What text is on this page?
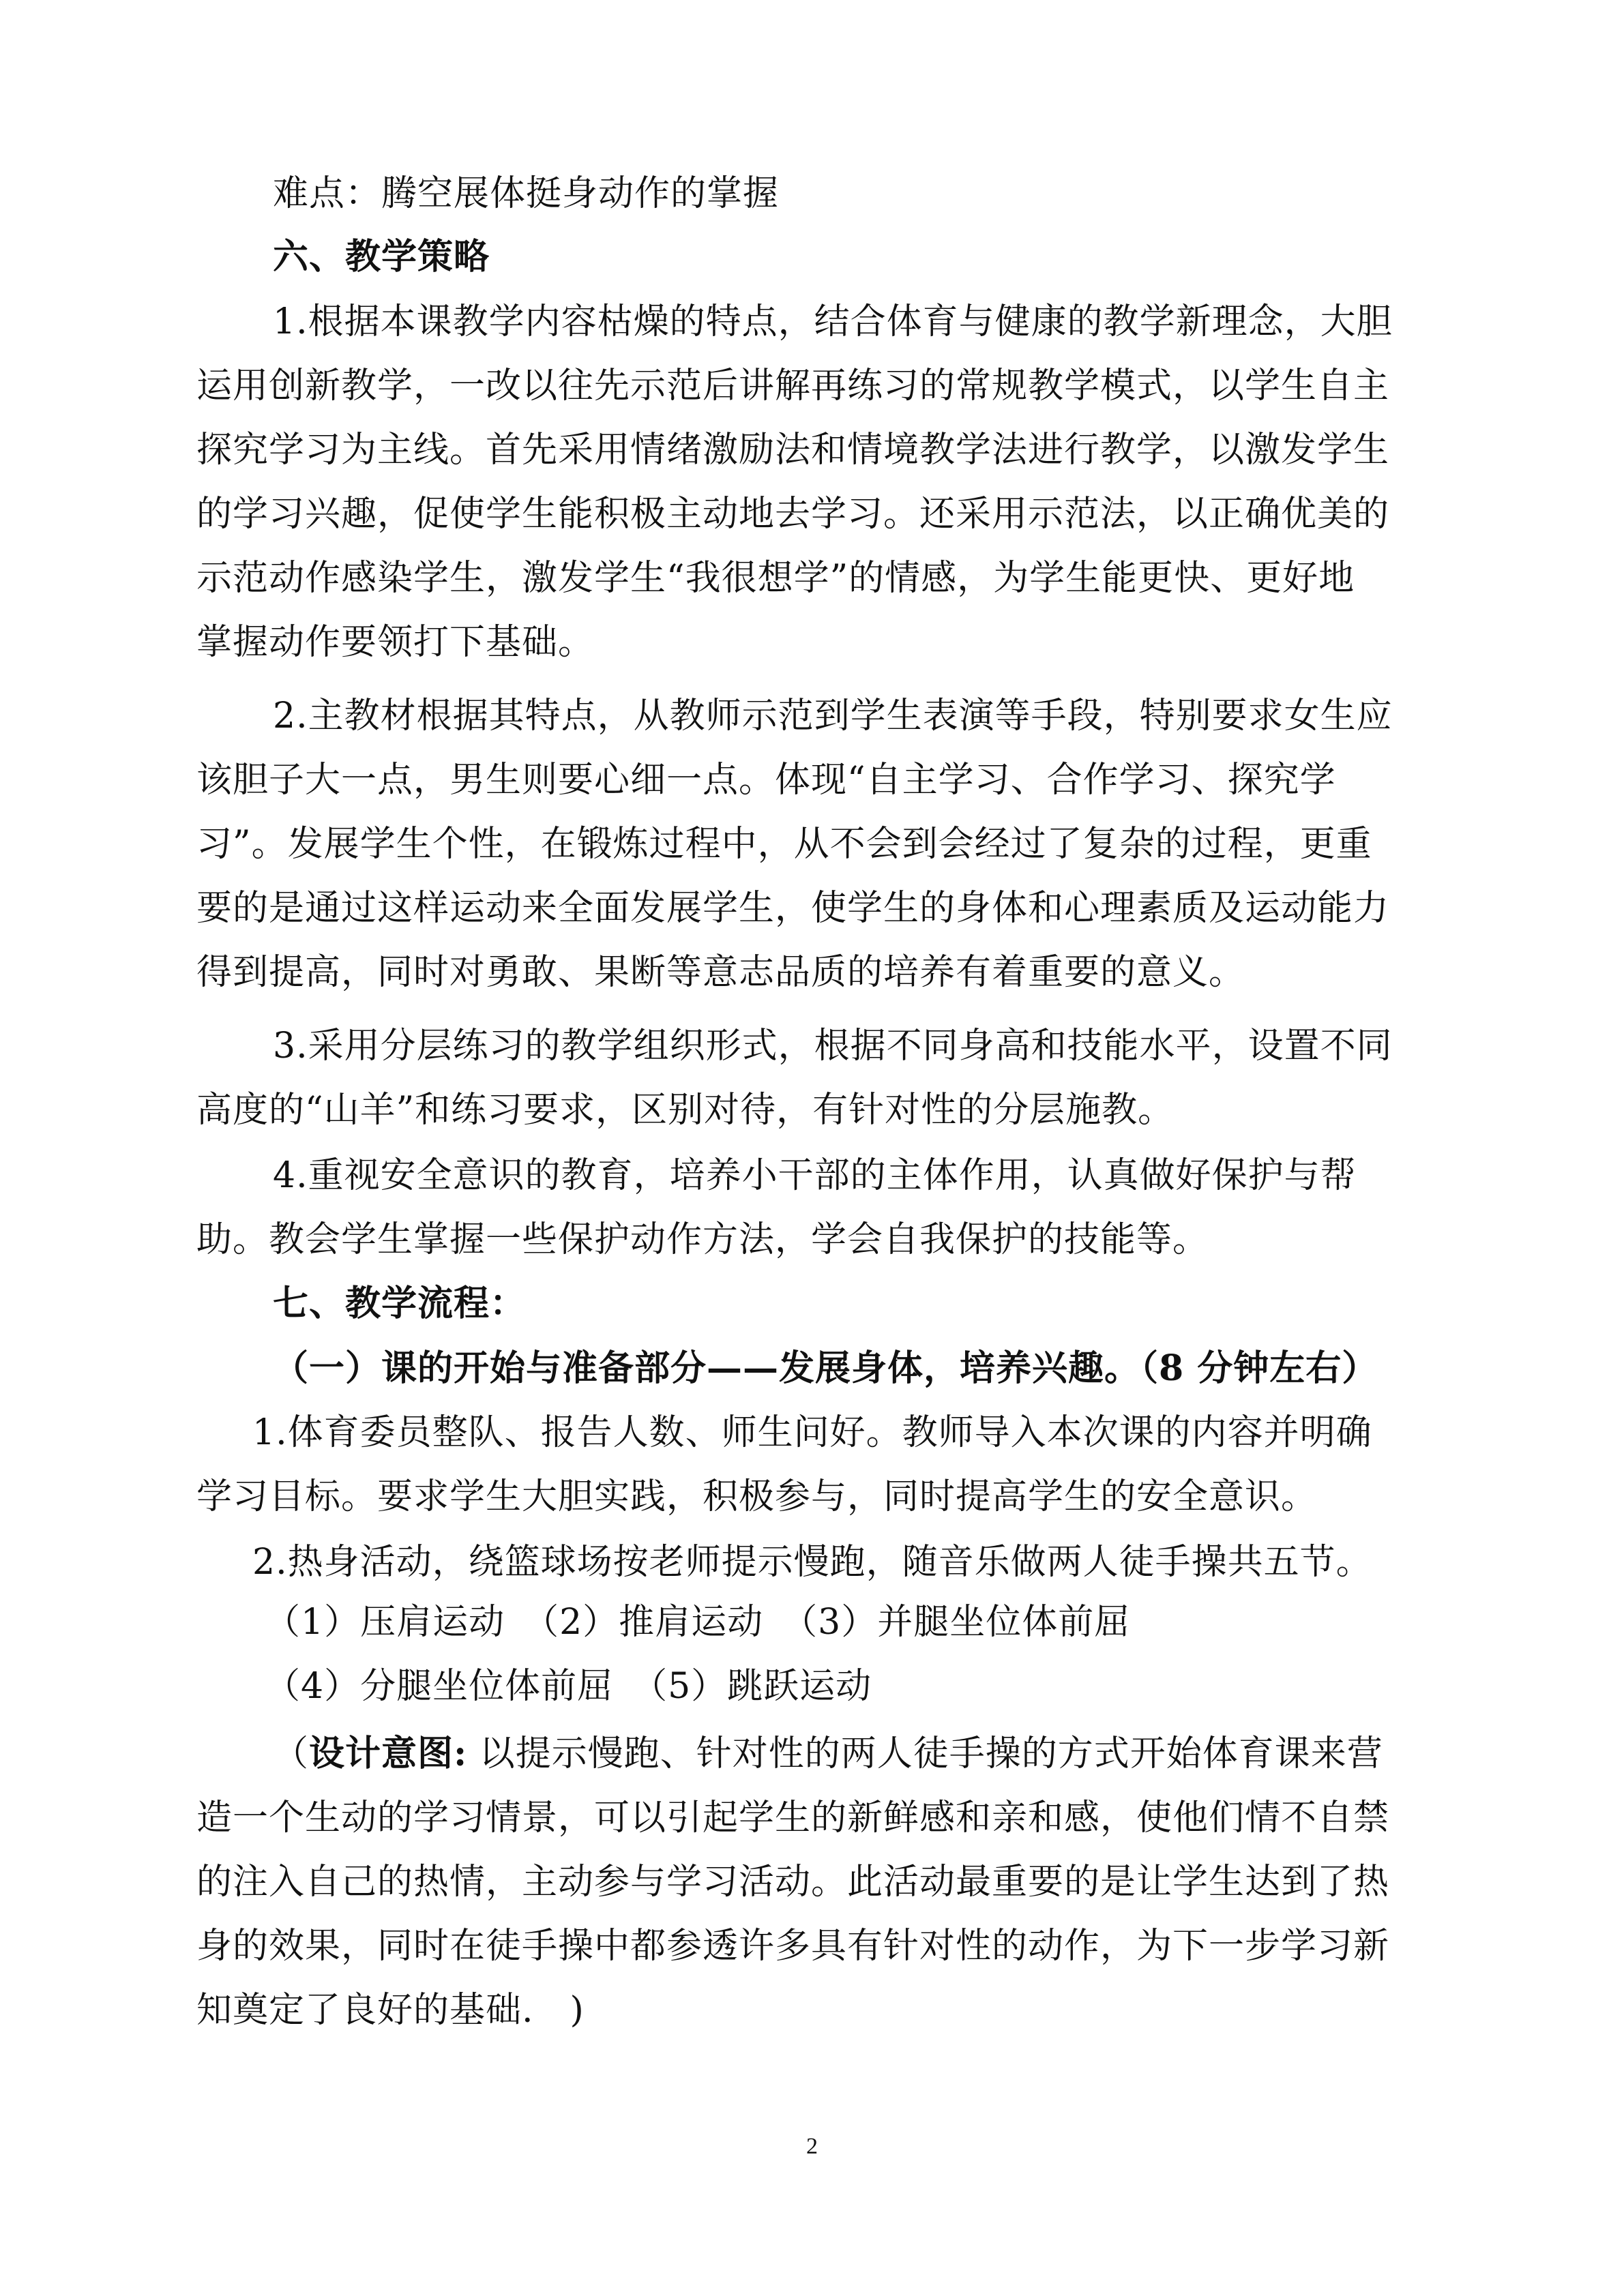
难点：腾空展体挺身动作的掌握
六、教学策略
1.根据本课教学内容枯燥的特点，结合体育与健康的教学新理念，大胆
运用创新教学，一改以往先示范后讲解再练习的常规教学模式，以学生自主
探究学习为主线。首先采用情绪激励法和情境教学法进行教学，以激发学生
的学习兴趣，促使学生能积极主动地去学习。还采用示范法，以正确优美的
示范动作感染学生，激发学生“我很想学”的情感，为学生能更快、更好地
掌握动作要领打下基础。
2.主教材根据其特点，从教师示范到学生表演等手段，特别要求女生应
该胆子大一点，男生则要心细一点。体现“自主学习、合作学习、探究学
习”。发展学生个性，在锻炼过程中，从不会到会经过了复杂的过程，更重
要的是通过这样运动来全面发展学生，使学生的身体和心理素质及运动能力
得到提高，同时对勇敢、果断等意志品质的培养有着重要的意义。
3.采用分层练习的教学组织形式，根据不同身高和技能水平，设置不同
高度的“山羊”和练习要求，区别对待，有针对性的分层施教。
4.重视安全意识的教育，培养小干部的主体作用，认真做好保护与帮
助。教会学生掌握一些保护动作方法，学会自我保护的技能等。
七、教学流程：
（一）课的开始与准备部分——发展身体，培养兴趣。（8 分钟左右）
1.体育委员整队、报告人数、师生问好。教师导入本次课的内容并明确
学习目标。要求学生大胆实践，积极参与，同时提高学生的安全意识。
2.热身活动，绕篮球场按老师提示慢跑，随音乐做两人徒手操共五节。
（1）压肩运动　（2）推肩运动　（3）并腿坐位体前屈
（4）分腿坐位体前屈　（5）跳跃运动
（设计意图: 以提示慢跑、针对性的两人徒手操的方式开始体育课来营
造一个生动的学习情景，可以引起学生的新鲜感和亲和感，使他们情不自禁
的注入自己的热情，主动参与学习活动。此活动最重要的是让学生达到了热
身的效果，同时在徒手操中都参透许多具有针对性的动作，为下一步学习新
知奠定了良好的基础.　)
2
